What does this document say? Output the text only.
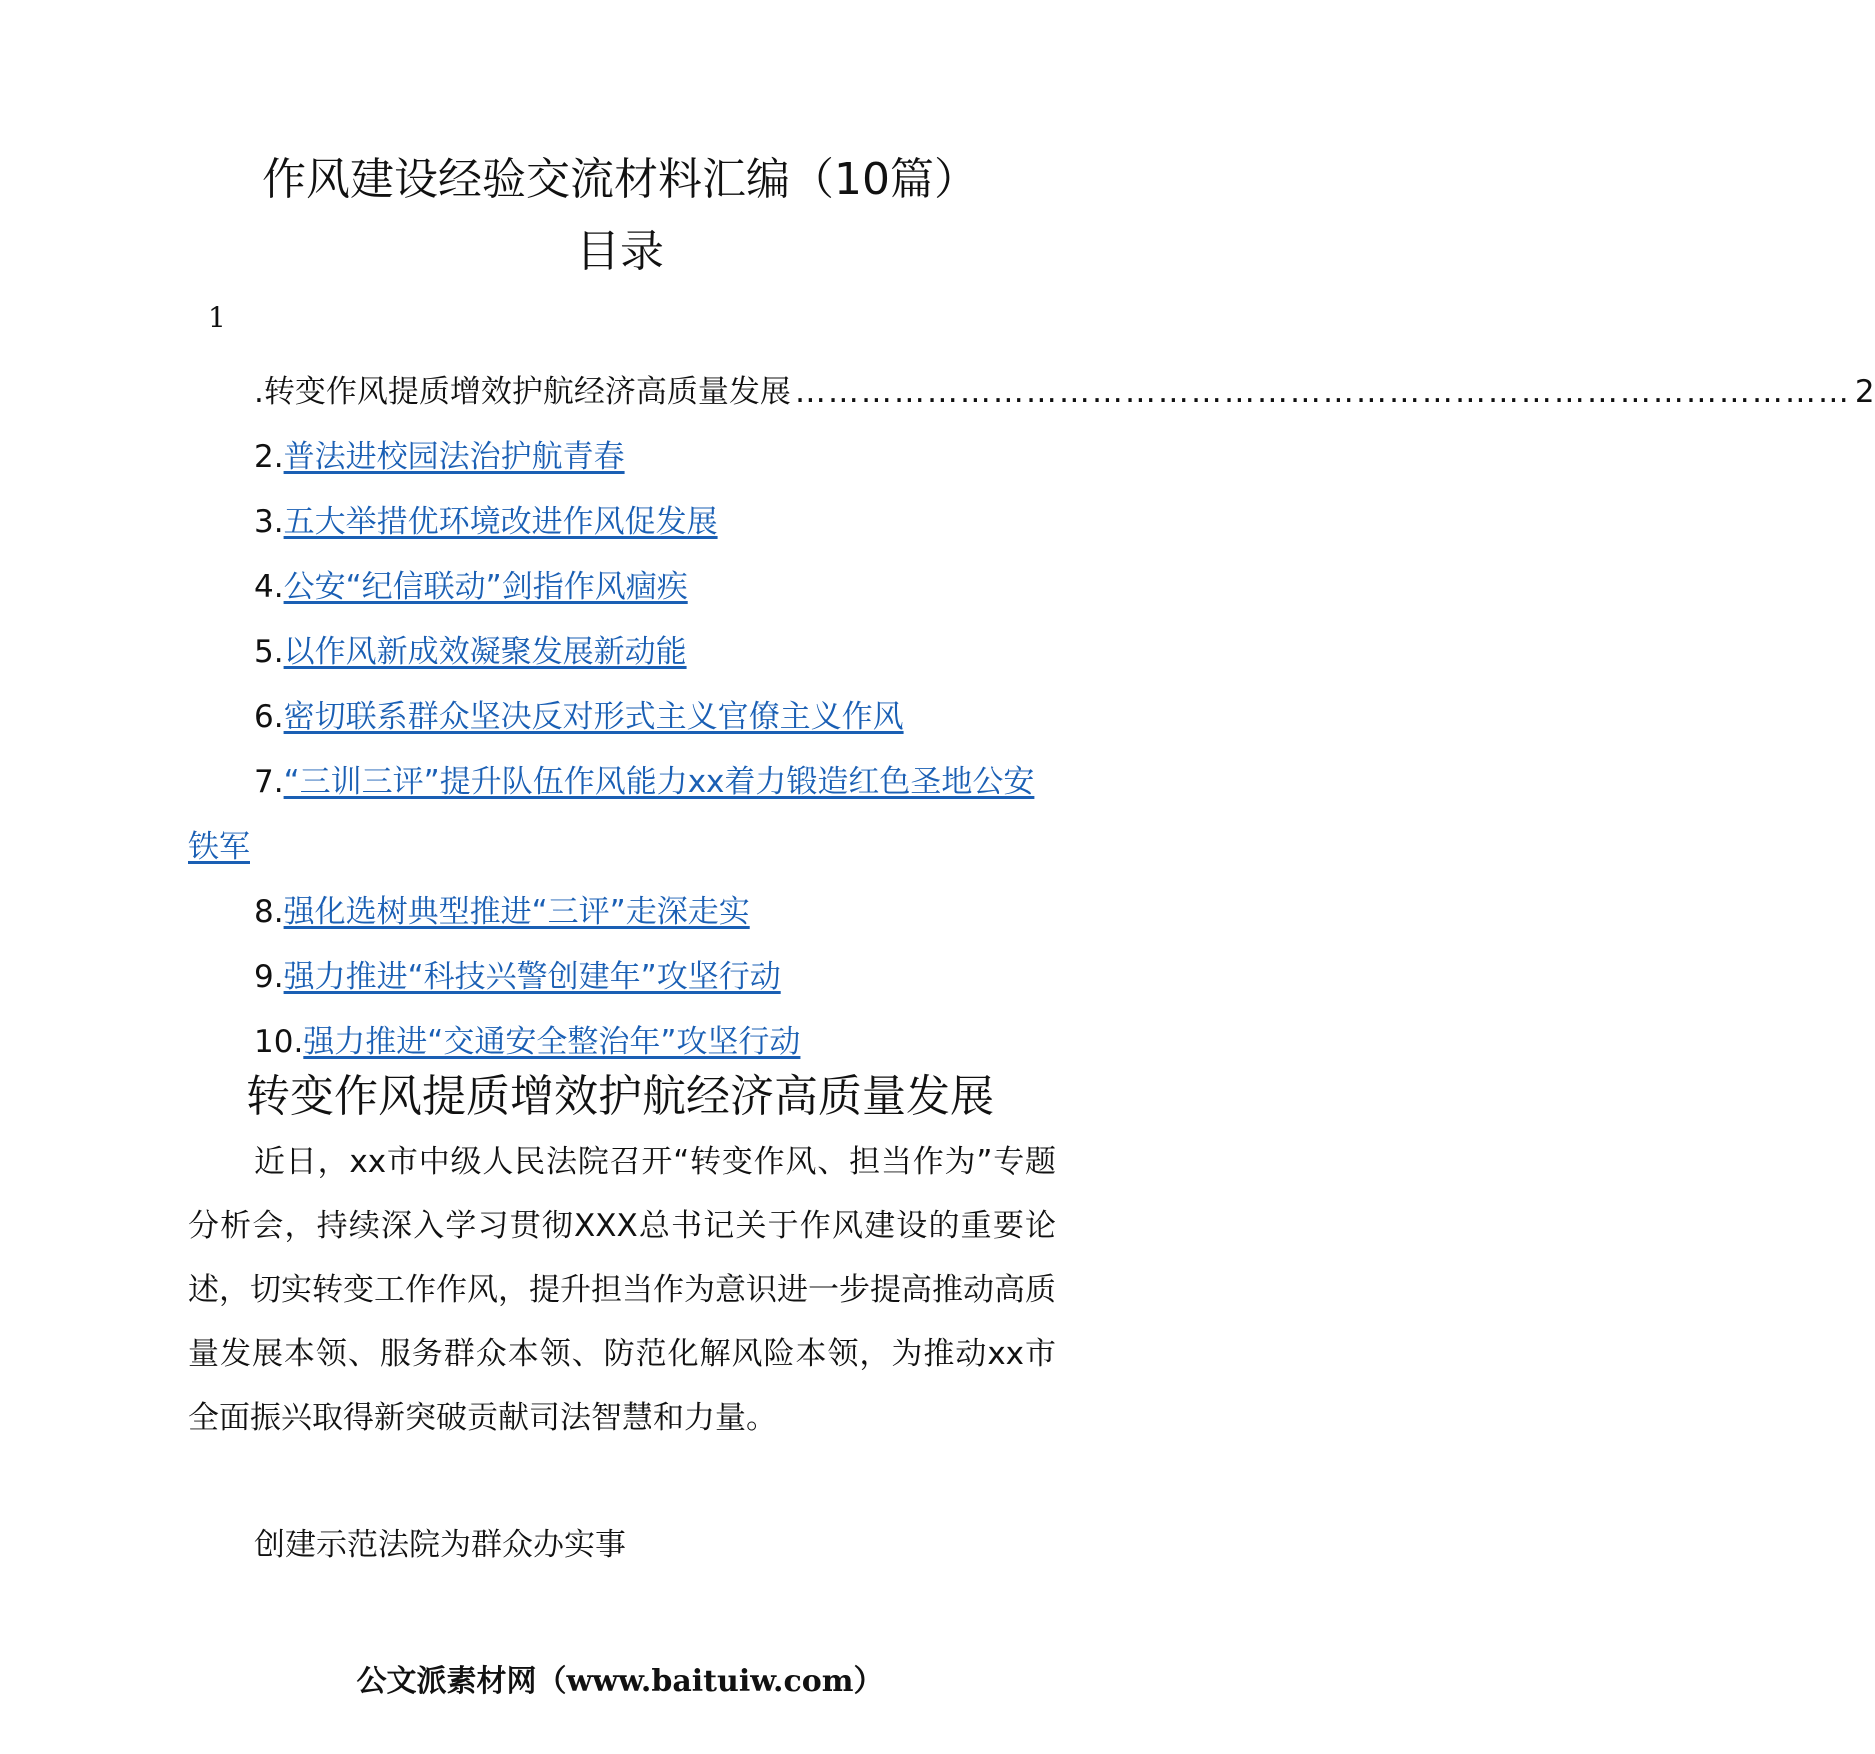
作风建设经验交流材料汇编（10篇）
目录
1
. 转变作风提质增效护航经济高质量发展 …………………………………………………………………………………… 2
2.普法进校园法治护航青春
3.五大举措优环境改进作风促发展
4.公安“纪信联动”剑指作风痼疾
5.以作风新成效凝聚发展新动能
6.密切联系群众坚决反对形式主义官僚主义作风
7.“三训三评”提升队伍作风能力xx着力锻造红色圣地公安铁军
8.强化选树典型推进“三评”走深走实
9.强力推进“科技兴警创建年”攻坚行动
10.强力推进“交通安全整治年”攻坚行动
转变作风提质增效护航经济高质量发展

近日，xx市中级人民法院召开“转变作风、担当作为”专题分析会，持续深入学习贯彻XXX总书记关于作风建设的重要论述，切实转变工作作风，提升担当作为意识进一步提高推动高质量发展本领、服务群众本领、防范化解风险本领，为推动xx市全面振兴取得新突破贡献司法智慧和力量。

创建示范法院为群众办实事

公文派素材网（www.baituiw.com）
